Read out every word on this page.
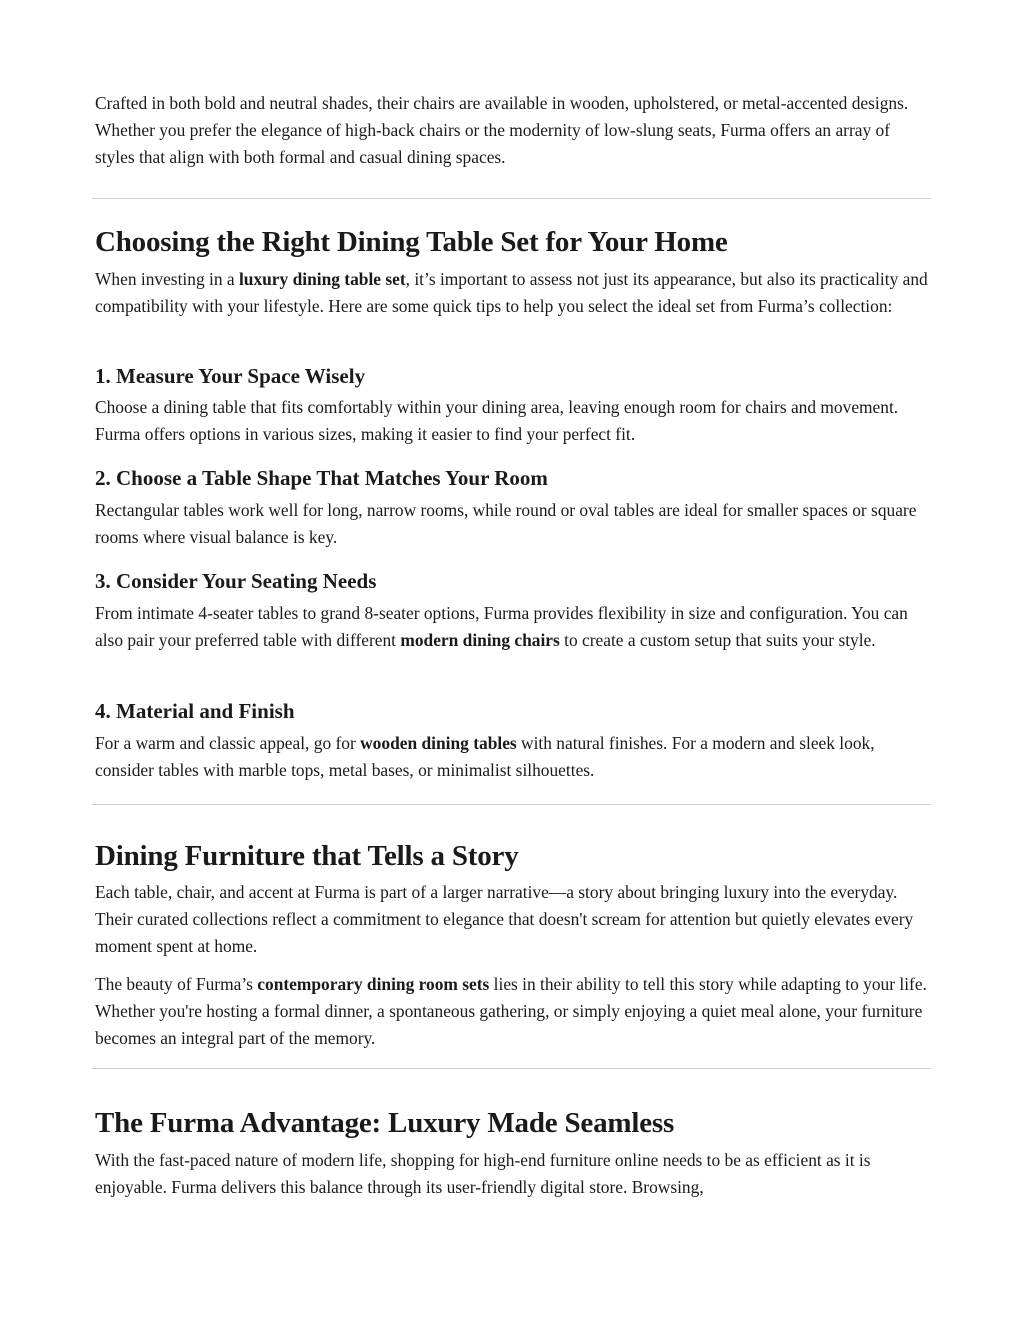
Crafted in both bold and neutral shades, their chairs are available in wooden, upholstered, or metal-accented designs. Whether you prefer the elegance of high-back chairs or the modernity of low-slung seats, Furma offers an array of styles that align with both formal and casual dining spaces.

Choosing the Right Dining Table Set for Your Home

When investing in a luxury dining table set, it’s important to assess not just its appearance, but also its practicality and compatibility with your lifestyle. Here are some quick tips to help you select the ideal set from Furma’s collection:

1. Measure Your Space Wisely

Choose a dining table that fits comfortably within your dining area, leaving enough room for chairs and movement. Furma offers options in various sizes, making it easier to find your perfect fit.

2. Choose a Table Shape That Matches Your Room

Rectangular tables work well for long, narrow rooms, while round or oval tables are ideal for smaller spaces or square rooms where visual balance is key.

3. Consider Your Seating Needs

From intimate 4-seater tables to grand 8-seater options, Furma provides flexibility in size and configuration. You can also pair your preferred table with different modern dining chairs to create a custom setup that suits your style.

4. Material and Finish

For a warm and classic appeal, go for wooden dining tables with natural finishes. For a modern and sleek look, consider tables with marble tops, metal bases, or minimalist silhouettes.

Dining Furniture that Tells a Story

Each table, chair, and accent at Furma is part of a larger narrative—a story about bringing luxury into the everyday. Their curated collections reflect a commitment to elegance that doesn't scream for attention but quietly elevates every moment spent at home.

The beauty of Furma’s contemporary dining room sets lies in their ability to tell this story while adapting to your life. Whether you're hosting a formal dinner, a spontaneous gathering, or simply enjoying a quiet meal alone, your furniture becomes an integral part of the memory.

The Furma Advantage: Luxury Made Seamless

With the fast-paced nature of modern life, shopping for high-end furniture online needs to be as efficient as it is enjoyable. Furma delivers this balance through its user-friendly digital store. Browsing,
